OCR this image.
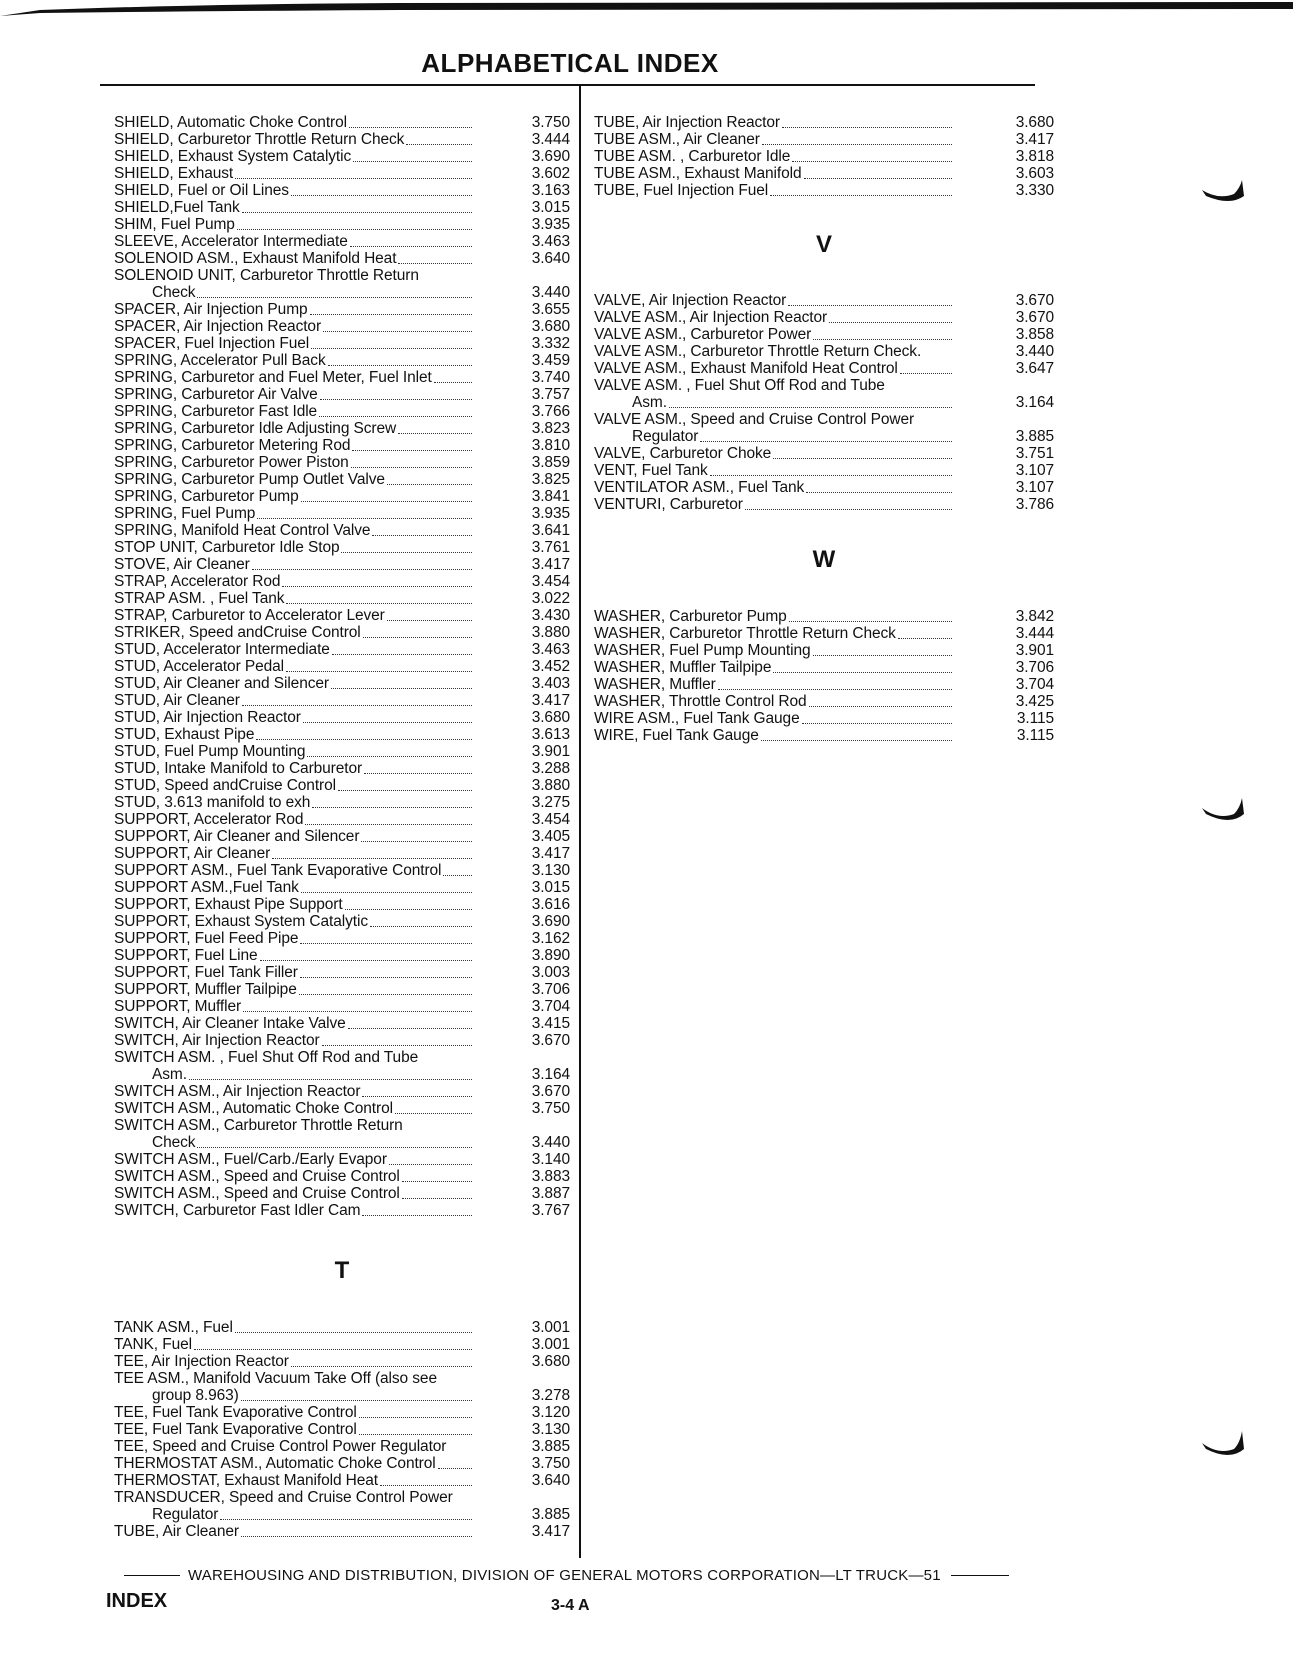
ALPHABETICAL INDEX
SHIELD, Automatic Choke Control	3.750
SHIELD, Carburetor Throttle Return Check	3.444
SHIELD, Exhaust System Catalytic	3.690
SHIELD, Exhaust	3.602
SHIELD, Fuel or Oil Lines	3.163
SHIELD,Fuel Tank	3.015
SHIM, Fuel Pump	3.935
SLEEVE, Accelerator Intermediate	3.463
SOLENOID ASM., Exhaust Manifold Heat	3.640
SOLENOID UNIT, Carburetor Throttle Return
Check	3.440
SPACER, Air Injection Pump	3.655
SPACER, Air Injection Reactor	3.680
SPACER, Fuel Injection Fuel	3.332
SPRING, Accelerator Pull Back	3.459
SPRING, Carburetor and Fuel Meter, Fuel Inlet	3.740
SPRING, Carburetor Air Valve	3.757
SPRING, Carburetor Fast Idle	3.766
SPRING, Carburetor Idle Adjusting Screw	3.823
SPRING, Carburetor Metering Rod	3.810
SPRING, Carburetor Power Piston	3.859
SPRING, Carburetor Pump Outlet Valve	3.825
SPRING, Carburetor Pump	3.841
SPRING, Fuel Pump	3.935
SPRING, Manifold Heat Control Valve	3.641
STOP UNIT, Carburetor Idle Stop	3.761
STOVE, Air Cleaner	3.417
STRAP, Accelerator Rod	3.454
STRAP ASM. , Fuel Tank	3.022
STRAP, Carburetor to Accelerator Lever	3.430
STRIKER, Speed andCruise Control	3.880
STUD, Accelerator Intermediate	3.463
STUD, Accelerator Pedal	3.452
STUD, Air Cleaner and Silencer	3.403
STUD, Air Cleaner	3.417
STUD, Air Injection Reactor	3.680
STUD, Exhaust Pipe	3.613
STUD, Fuel Pump Mounting	3.901
STUD, Intake Manifold to Carburetor	3.288
STUD, Speed andCruise Control	3.880
STUD, 3.613 manifold to exh	3.275
SUPPORT, Accelerator Rod	3.454
SUPPORT, Air Cleaner and Silencer	3.405
SUPPORT, Air Cleaner	3.417
SUPPORT ASM., Fuel Tank Evaporative Control	3.130
SUPPORT ASM.,Fuel Tank	3.015
SUPPORT, Exhaust Pipe Support	3.616
SUPPORT, Exhaust System Catalytic	3.690
SUPPORT, Fuel Feed Pipe	3.162
SUPPORT, Fuel Line	3.890
SUPPORT, Fuel Tank Filler	3.003
SUPPORT, Muffler Tailpipe	3.706
SUPPORT, Muffler	3.704
SWITCH, Air Cleaner Intake Valve	3.415
SWITCH, Air Injection Reactor	3.670
SWITCH ASM. , Fuel Shut Off Rod and Tube
Asm.	3.164
SWITCH ASM., Air Injection Reactor	3.670
SWITCH ASM., Automatic Choke Control	3.750
SWITCH ASM., Carburetor Throttle Return
Check	3.440
SWITCH ASM., Fuel/Carb./Early Evapor	3.140
SWITCH ASM., Speed and Cruise Control	3.883
SWITCH ASM., Speed and Cruise Control	3.887
SWITCH, Carburetor Fast Idler Cam	3.767
T
TANK ASM., Fuel	3.001
TANK, Fuel	3.001
TEE, Air Injection Reactor	3.680
TEE ASM., Manifold Vacuum Take Off (also see
group 8.963)	3.278
TEE, Fuel Tank Evaporative Control	3.120
TEE, Fuel Tank Evaporative Control	3.130
TEE, Speed and Cruise Control Power Regulator	3.885
THERMOSTAT ASM., Automatic Choke Control	3.750
THERMOSTAT, Exhaust Manifold Heat	3.640
TRANSDUCER, Speed and Cruise Control Power
Regulator	3.885
TUBE, Air Cleaner	3.417
TUBE, Air Injection Reactor	3.680
TUBE ASM., Air Cleaner	3.417
TUBE ASM. , Carburetor Idle	3.818
TUBE ASM., Exhaust Manifold	3.603
TUBE, Fuel Injection Fuel	3.330
V
VALVE, Air Injection Reactor	3.670
VALVE ASM., Air Injection Reactor	3.670
VALVE ASM., Carburetor Power	3.858
VALVE ASM., Carburetor Throttle Return Check.	3.440
VALVE ASM., Exhaust Manifold Heat Control	3.647
VALVE ASM. , Fuel Shut Off Rod and Tube
Asm.	3.164
VALVE ASM., Speed and Cruise Control Power
Regulator	3.885
VALVE, Carburetor Choke	3.751
VENT, Fuel Tank	3.107
VENTILATOR ASM., Fuel Tank	3.107
VENTURI, Carburetor	3.786
W
WASHER, Carburetor Pump	3.842
WASHER, Carburetor Throttle Return Check	3.444
WASHER, Fuel Pump Mounting	3.901
WASHER, Muffler Tailpipe	3.706
WASHER, Muffler	3.704
WASHER, Throttle Control Rod	3.425
WIRE ASM., Fuel Tank Gauge	3.115
WIRE, Fuel Tank Gauge	3.115
WAREHOUSING AND DISTRIBUTION, DIVISION OF GENERAL MOTORS CORPORATION—LT TRUCK—51
INDEX	3-4 A
